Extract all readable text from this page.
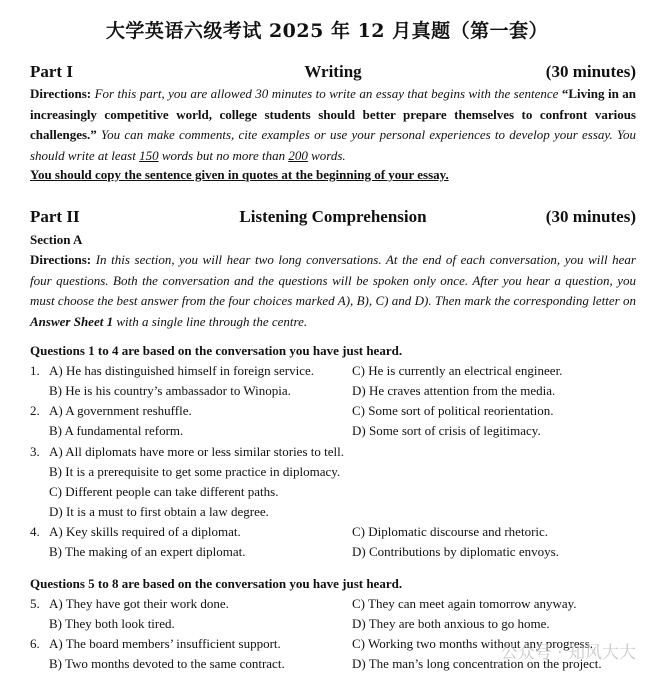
大学英语六级考试 2025 年 12 月真题（第一套）
Part I	Writing	(30 minutes)
Directions: For this part, you are allowed 30 minutes to write an essay that begins with the sentence “Living in an increasingly competitive world, college students should better prepare themselves to confront various challenges.” You can make comments, cite examples or use your personal experiences to develop your essay. You should write at least 150 words but no more than 200 words.
You should copy the sentence given in quotes at the beginning of your essay.
Part II	Listening Comprehension	(30 minutes)
Section A
Directions: In this section, you will hear two long conversations. At the end of each conversation, you will hear four questions. Both the conversation and the questions will be spoken only once. After you hear a question, you must choose the best answer from the four choices marked A), B), C) and D). Then mark the corresponding letter on Answer Sheet 1 with a single line through the centre.
Questions 1 to 4 are based on the conversation you have just heard.
1. A) He has distinguished himself in foreign service.	C) He is currently an electrical engineer.
B) He is his country’s ambassador to Winopia.	D) He craves attention from the media.
2. A) A government reshuffle.	C) Some sort of political reorientation.
B) A fundamental reform.	D) Some sort of crisis of legitimacy.
3. A) All diplomats have more or less similar stories to tell.
B) It is a prerequisite to get some practice in diplomacy.
C) Different people can take different paths.
D) It is a must to first obtain a law degree.
4. A) Key skills required of a diplomat.	C) Diplomatic discourse and rhetoric.
B) The making of an expert diplomat.	D) Contributions by diplomatic envoys.
Questions 5 to 8 are based on the conversation you have just heard.
5. A) They have got their work done.	C) They can meet again tomorrow anyway.
B) They both look tired.	D) They are both anxious to go home.
6. A) The board members’ insufficient support.	C) Working two months without any progress.
B) Two months devoted to the same contract.	D) The man’s long concentration on the project.
公众号 · 知风大大
